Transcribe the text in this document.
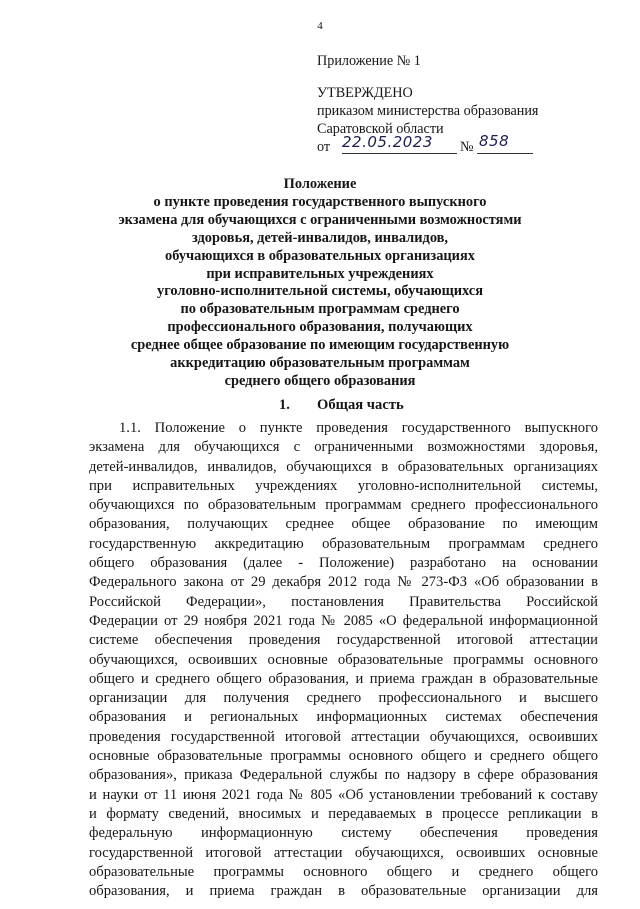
4
Приложение № 1
УТВЕРЖДЕНО
приказом министерства образования
Саратовской области
от 22.05.2023 № 858
Положение
о пункте проведения государственного выпускного
экзамена для обучающихся с ограниченными возможностями
здоровья, детей-инвалидов, инвалидов,
обучающихся в образовательных организациях
при исправительных учреждениях
уголовно-исполнительной системы, обучающихся
по образовательным программам среднего
профессионального образования, получающих
среднее общее образование по имеющим государственную
аккредитацию образовательным программам
среднего общего образования
1. Общая часть
1.1. Положение о пункте проведения государственного выпускного
экзамена для обучающихся с ограниченными возможностями здоровья,
детей-инвалидов, инвалидов, обучающихся в образовательных организациях
при исправительных учреждениях уголовно-исполнительной системы,
обучающихся по образовательным программам среднего профессионального
образования, получающих среднее общее образование по имеющим
государственную аккредитацию образовательным программам среднего
общего образования (далее - Положение) разработано на основании
Федерального закона от 29 декабря 2012 года № 273-ФЗ «Об образовании в
Российской Федерации», постановления Правительства Российской
Федерации от 29 ноября 2021 года № 2085 «О федеральной информационной
системе обеспечения проведения государственной итоговой аттестации
обучающихся, освоивших основные образовательные программы основного
общего и среднего общего образования, и приема граждан в образовательные
организации для получения среднего профессионального и высшего
образования и региональных информационных системах обеспечения
проведения государственной итоговой аттестации обучающихся, освоивших
основные образовательные программы основного общего и среднего общего
образования», приказа Федеральной службы по надзору в сфере образования
и науки от 11 июня 2021 года № 805 «Об установлении требований к составу
и формату сведений, вносимых и передаваемых в процессе репликации в
федеральную информационную систему обеспечения проведения
государственной итоговой аттестации обучающихся, освоивших основные
образовательные программы основного общего и среднего общего
образования, и приема граждан в образовательные организации для
